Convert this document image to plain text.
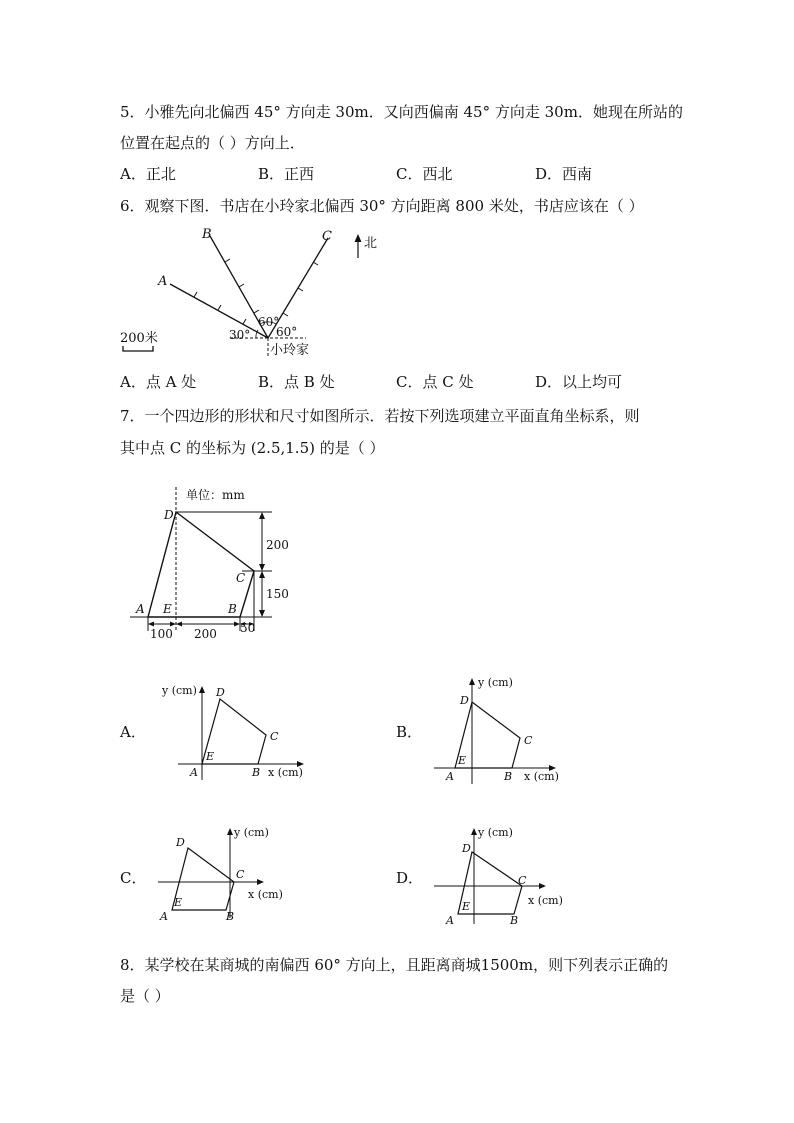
5．小雅先向北偏西 45° 方向走 30m．又向西偏南 45° 方向走 30m．她现在所站的
位置在起点的（ ）方向上．
A．正北	B．正西	C．西北	D．西南
6．观察下图．书店在小玲家北偏西 30° 方向距离 800 米处，书店应该在（ ）
B
A
C
60°
60°
30°
小玲家
北
200米
A．点 A 处	B．点 B 处	C．点 C 处	D．以上均可
7．一个四边形的形状和尺寸如图所示．若按下列选项建立平面直角坐标系，则
其中点 C 的坐标为 (2.5,1.5) 的是（ ）
单位：mm
200
150
100 200 50
A E	B
C
D
A．
y (cm)
x (cm)
A
E
B
C
D
B．
y (cm)
x (cm)
A
E
B
C
D
C．
y (cm)
x (cm)
A
E
B
C
D
D．
y (cm)
x (cm)
A
E
B
C
D
8．某学校在某商城的南偏西 60° 方向上，且距离商城1500m，则下列表示正确的
是（ ）
